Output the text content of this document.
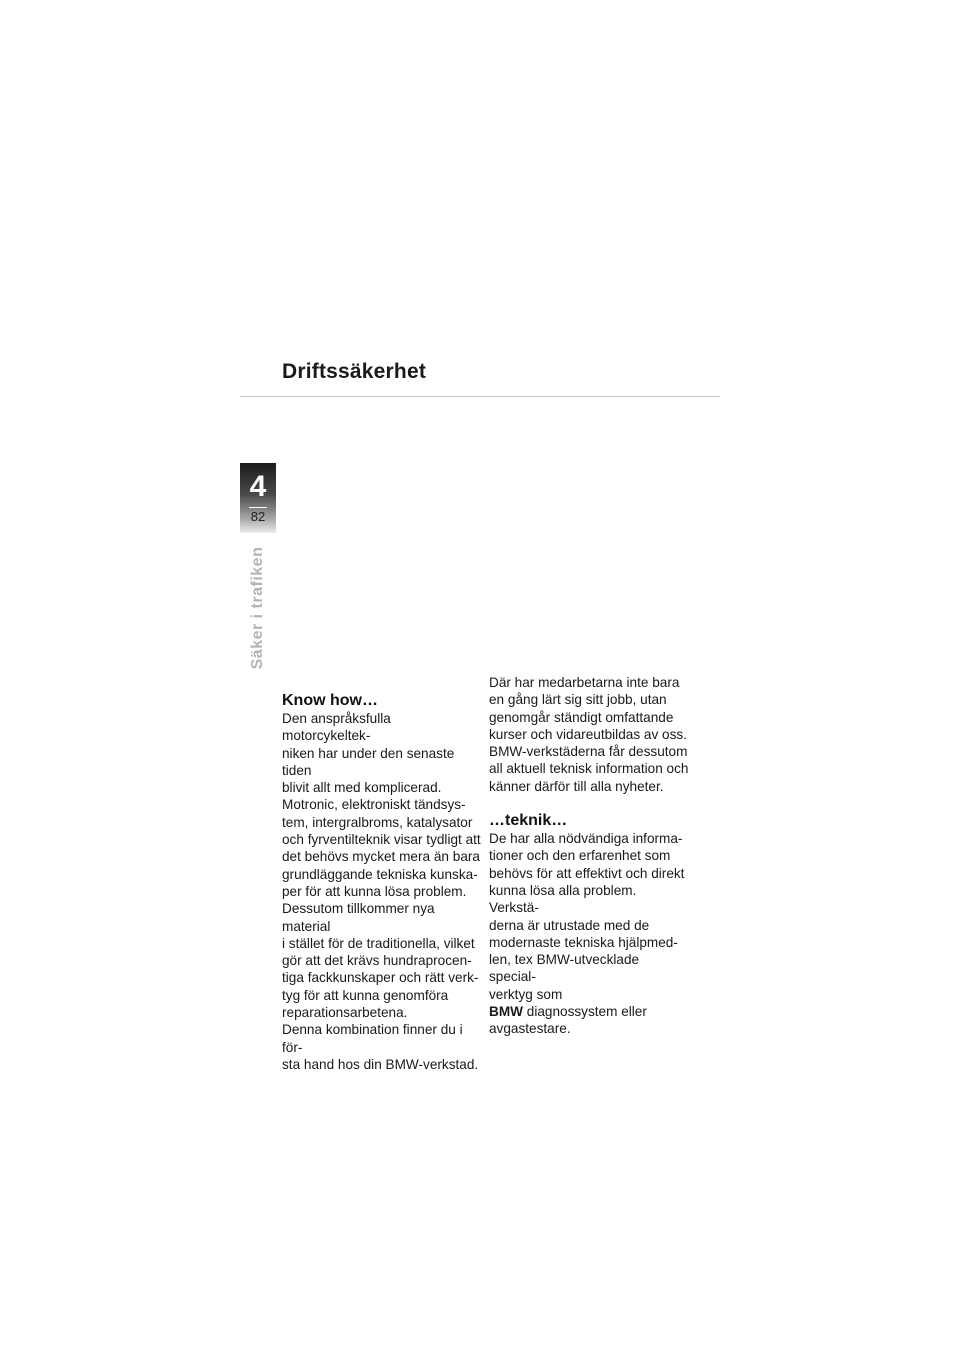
Driftssäkerhet
4
82
Säker i trafiken
Know how…

Den anspråksfulla motorcykeltek-
niken har under den senaste tiden
blivit allt med komplicerad.
Motronic, elektroniskt tändsys-
tem, intergralbroms, katalysator
och fyrventilteknik visar tydligt att
det behövs mycket mera än bara
grundläggande tekniska kunska-
per för att kunna lösa problem.
Dessutom tillkommer nya material
i stället för de traditionella, vilket
gör att det krävs hundraprocen-
tiga fackkunskaper och rätt verk-
tyg för att kunna genomföra
reparationsarbetena.
Denna kombination finner du i för-
sta hand hos din BMW-verkstad.

Där har medarbetarna inte bara
en gång lärt sig sitt jobb, utan
genomgår ständigt omfattande
kurser och vidareutbildas av oss.
BMW-verkstäderna får dessutom
all aktuell teknisk information och
känner därför till alla nyheter.

…teknik…

De har alla nödvändiga informa-
tioner och den erfarenhet som
behövs för att effektivt och direkt
kunna lösa alla problem. Verkstä-
derna är utrustade med de
modernaste tekniska hjälpmed-
len, tex BMW-utvecklade special-
verktyg som
BMW diagnossystem eller
avgastestare.
